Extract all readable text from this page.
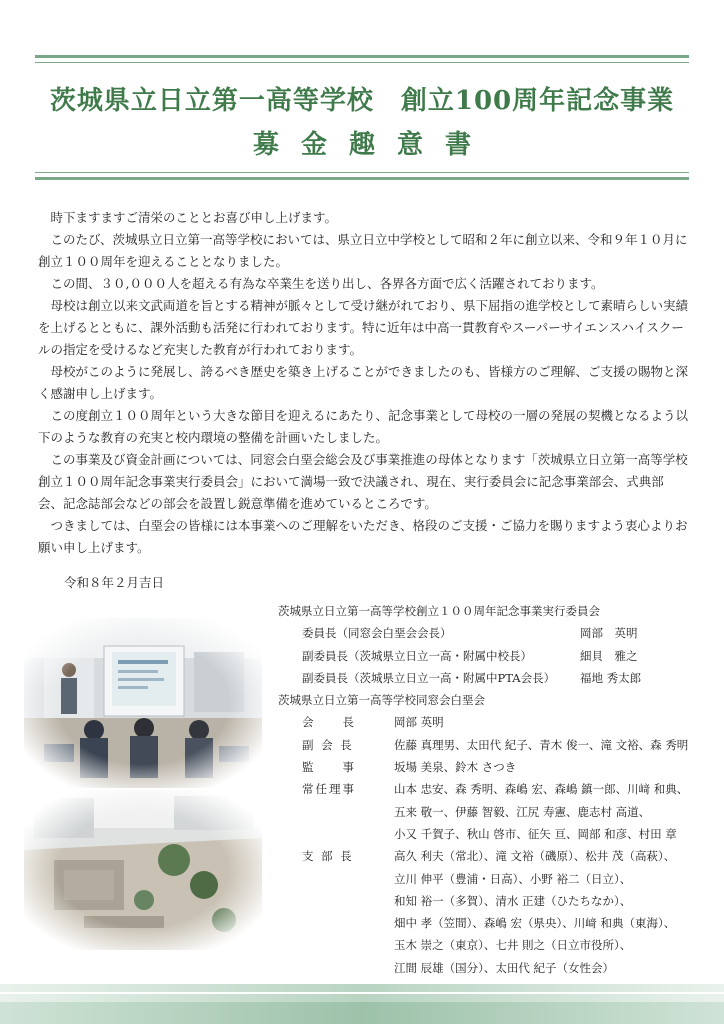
茨城県立日立第一高等学校　創立100周年記念事業
募金趣意書

時下ますますご清栄のこととお喜び申し上げます。

このたび、茨城県立日立第一高等学校においては、県立日立中学校として昭和２年に創立以来、令和９年１０月に創立１００周年を迎えることとなりました。

この間、３０,０００人を超える有為な卒業生を送り出し、各界各方面で広く活躍されております。

母校は創立以来文武両道を旨とする精神が脈々として受け継がれており、県下屈指の進学校として素晴らしい実績を上げるとともに、課外活動も活発に行われております。特に近年は中高一貫教育やスーパーサイエンスハイスクールの指定を受けるなど充実した教育が行われております。

母校がこのように発展し、誇るべき歴史を築き上げることができましたのも、皆様方のご理解、ご支援の賜物と深く感謝申し上げます。

この度創立１００周年という大きな節目を迎えるにあたり、記念事業として母校の一層の発展の契機となるよう以下のような教育の充実と校内環境の整備を計画いたしました。

この事業及び資金計画については、同窓会白堊会総会及び事業推進の母体となります「茨城県立日立第一高等学校創立１００周年記念事業実行委員会」において満場一致で決議され、現在、実行委員会に記念事業部会、式典部会、記念誌部会などの部会を設置し鋭意準備を進めているところです。

つきましては、白堊会の皆様には本事業へのご理解をいただき、格段のご支援・ご協力を賜りますよう衷心よりお願い申し上げます。

令和８年２月吉日
茨城県立日立第一高等学校創立１００周年記念事業実行委員会
委員長（同窓会白堊会会長）	岡部　英明
副委員長（茨城県立日立一高・附属中校長）	細貝　雅之
副委員長（茨城県立日立一高・附属中PTA会長） 福地 秀太郎
茨城県立日立第一高等学校同窓会白堊会
会　　長	岡部 英明
副 会 長	佐藤 真理男、太田代 紀子、青木 俊一、滝 文裕、森 秀明
監　　事	坂場 美泉、鈴木 さつき
常任理事	山本 忠安、森 秀明、森嶋 宏、森嶋 鎮一郎、川﨑 和典、
五来 敬一、伊藤 智毅、江尻 寿憲、鹿志村 高道、
小又 千賀子、秋山 啓市、征矢 亘、岡部 和彦、村田 章
支 部 長	高久 利夫（常北）、滝 文裕（磯原）、松井 茂（高萩）、
立川 伸平（豊浦・日高）、小野 裕二（日立）、
和知 裕一（多賀）、清水 正建（ひたちなか）、
畑中 孝（笠間）、森嶋 宏（県央）、川﨑 和典（東海）、
玉木 崇之（東京）、七井 則之（日立市役所）、
江間 辰雄（国分）、太田代 紀子（女性会）
